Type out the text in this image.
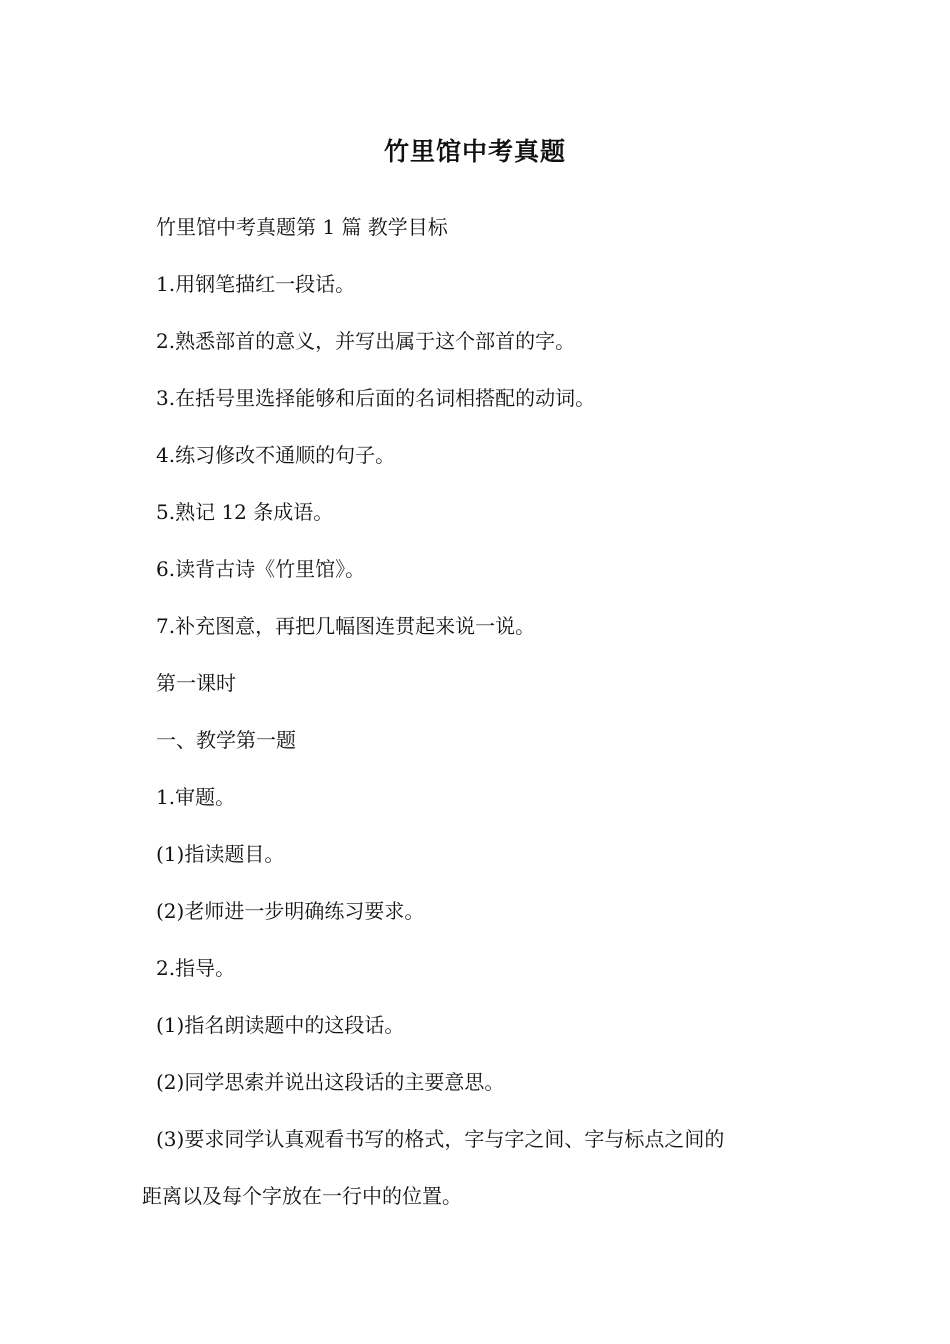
竹里馆中考真题

竹里馆中考真题第 1 篇 教学目标

1.用钢笔描红一段话。

2.熟悉部首的意义，并写出属于这个部首的字。

3.在括号里选择能够和后面的名词相搭配的动词。

4.练习修改不通顺的句子。

5.熟记 12 条成语。

6.读背古诗《竹里馆》。

7.补充图意，再把几幅图连贯起来说一说。

第一课时

一、教学第一题

1.审题。

(1)指读题目。

(2)老师进一步明确练习要求。

2.指导。

(1)指名朗读题中的这段话。

(2)同学思索并说出这段话的主要意思。

(3)要求同学认真观看书写的格式，字与字之间、字与标点之间的

距离以及每个字放在一行中的位置。
